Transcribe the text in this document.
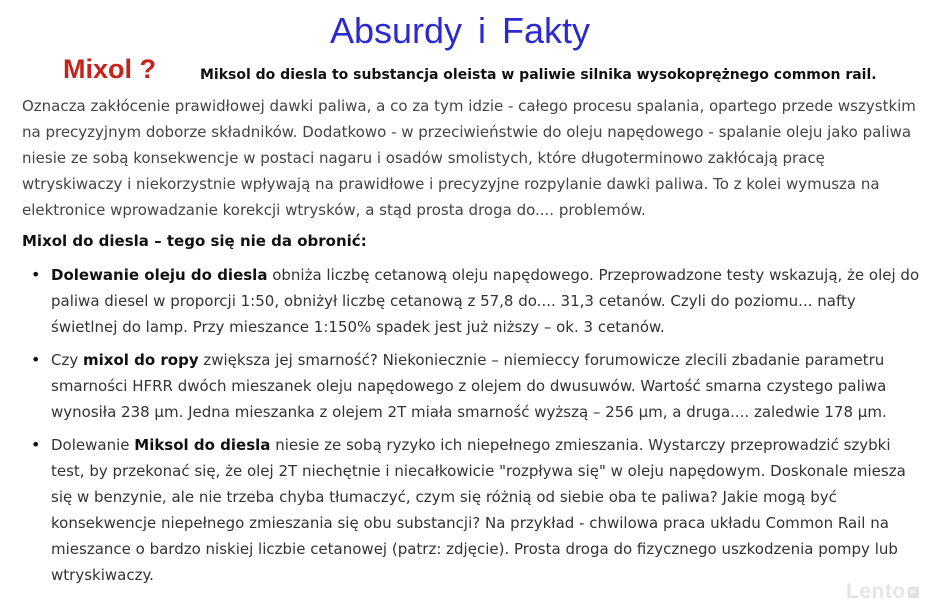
Absurdy i Fakty
Mixol ?	Miksol do diesla to substancja oleista w paliwie silnika wysokoprężnego common rail.

Oznacza zakłócenie prawidłowej dawki paliwa, a co za tym idzie - całego procesu spalania, opartego przede wszystkim na precyzyjnym doborze składników. Dodatkowo - w przeciwieństwie do oleju napędowego - spalanie oleju jako paliwa niesie ze sobą konsekwencje w postaci nagaru i osadów smolistych, które długoterminowo zakłócają pracę wtryskiwaczy i niekorzystnie wpływają na prawidłowe i precyzyjne rozpylanie dawki paliwa. To z kolei wymusza na elektronice wprowadzanie korekcji wtrysków, a stąd prosta droga do.... problemów.

Mixol do diesla – tego się nie da obronić:
• Dolewanie oleju do diesla obniża liczbę cetanową oleju napędowego. Przeprowadzone testy wskazują, że olej do paliwa diesel w proporcji 1:50, obniżył liczbę cetanową z 57,8 do.... 31,3 cetanów. Czyli do poziomu... nafty świetlnej do lamp. Przy mieszance 1:150% spadek jest już niższy – ok. 3 cetanów.
• Czy mixol do ropy zwiększa jej smarność? Niekoniecznie – niemieccy forumowicze zlecili zbadanie parametru smarności HFRR dwóch mieszanek oleju napędowego z olejem do dwusuwów. Wartość smarna czystego paliwa wynosiła 238 µm. Jedna mieszanka z olejem 2T miała smarność wyższą – 256 µm, a druga.... zaledwie 178 µm.
• Dolewanie Miksol do diesla niesie ze sobą ryzyko ich niepełnego zmieszania. Wystarczy przeprowadzić szybki test, by przekonać się, że olej 2T niechętnie i niecałkowicie "rozpływa się" w oleju napędowym. Doskonale miesza się w benzynie, ale nie trzeba chyba tłumaczyć, czym się różnią od siebie oba te paliwa? Jakie mogą być konsekwencje niepełnego zmieszania się obu substancji? Na przykład - chwilowa praca układu Common Rail na mieszance o bardzo niskiej liczbie cetanowej (patrz: zdjęcie). Prosta droga do fizycznego uszkodzenia pompy lub wtryskiwaczy.
Lento pl
